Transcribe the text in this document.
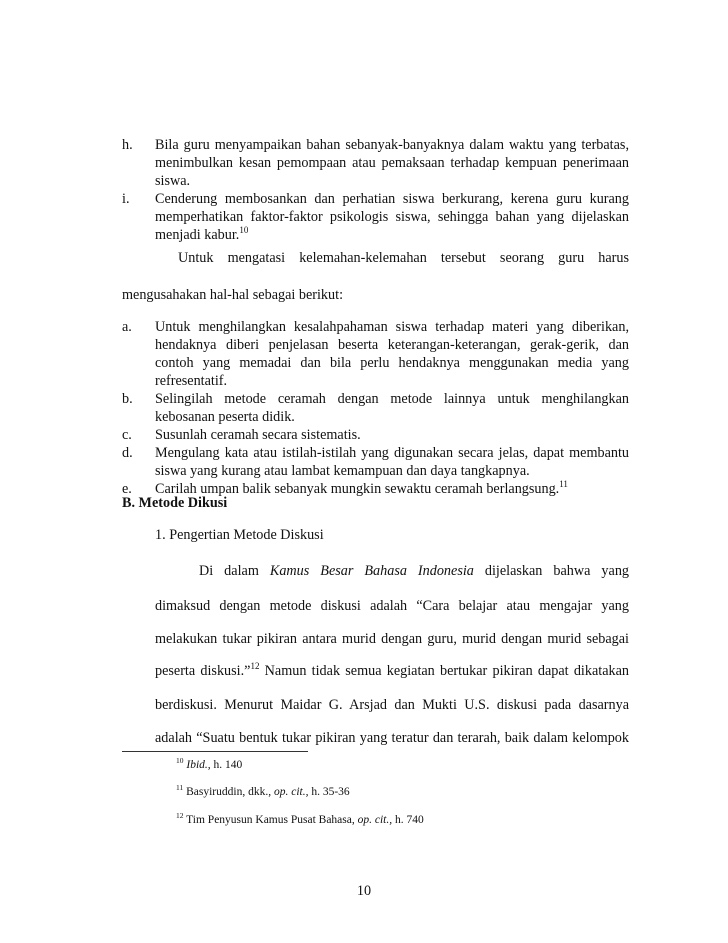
h.	Bila guru menyampaikan bahan sebanyak-banyaknya dalam waktu yang terbatas,
menimbulkan kesan pemompaan atau pemaksaan terhadap kempuan penerimaan
siswa.
i.	Cenderung membosankan dan perhatian siswa berkurang, kerena guru kurang
memperhatikan faktor-faktor psikologis siswa, sehingga bahan yang dijelaskan
menjadi kabur.$^{10}$
Untuk mengatasi kelemahan-kelemahan tersebut seorang guru harus
mengusahakan hal-hal sebagai berikut:
a.	Untuk menghilangkan kesalahpahaman siswa terhadap materi yang diberikan,
hendaknya diberi penjelasan beserta keterangan-keterangan, gerak-gerik, dan
contoh yang memadai dan bila perlu hendaknya menggunakan media yang
refresentatif.
b.	Selingilah metode ceramah dengan metode lainnya untuk menghilangkan
kebosanan peserta didik.
c.	Susunlah ceramah secara sistematis.
d.	Mengulang kata atau istilah-istilah yang digunakan secara jelas, dapat membantu
siswa yang kurang atau lambat kemampuan dan daya tangkapnya.
e.	Carilah umpan balik sebanyak mungkin sewaktu ceramah berlangsung.$^{11}$
B. Metode Dikusi
1. Pengertian Metode Diskusi
Di dalam Kamus Besar Bahasa Indonesia dijelaskan bahwa yang
dimaksud dengan metode diskusi adalah “Cara belajar atau mengajar yang
melakukan tukar pikiran antara murid dengan guru, murid dengan murid sebagai
peserta diskusi.”$^{12}$ Namun tidak semua kegiatan bertukar pikiran dapat dikatakan
berdiskusi. Menurut Maidar G. Arsjad dan Mukti U.S. diskusi pada dasarnya
adalah “Suatu bentuk tukar pikiran yang teratur dan terarah, baik dalam kelompok
$^{10}$ Ibid., h. 140
$^{11}$ Basyiruddin, dkk., op. cit., h. 35-36
$^{12}$ Tim Penyusun Kamus Pusat Bahasa, op. cit., h. 740
10
